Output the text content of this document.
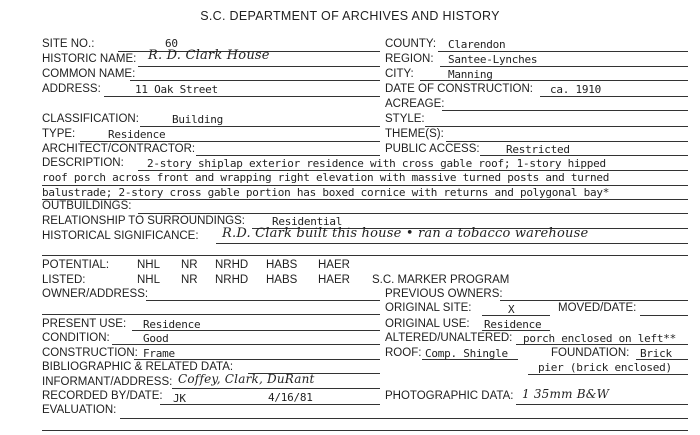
S.C. DEPARTMENT OF ARCHIVES AND HISTORY
SITE NO.:	60
HISTORIC NAME: R. D. Clark House
COMMON NAME:
ADDRESS:	11 Oak Street
COUNTY: Clarendon
REGION: Santee-Lynches
CITY:	Manning
DATE OF CONSTRUCTION: ca. 1910
ACREAGE:
CLASSIFICATION:	Building	STYLE:
TYPE:	Residence	THEME(S):
ARCHITECT/CONTRACTOR:	PUBLIC ACCESS: Restricted
DESCRIPTION: 2-story shiplap exterior residence with cross gable roof; 1-story hipped
roof porch across front and wrapping right elevation with massive turned posts and turned
balustrade; 2-story cross gable portion has boxed cornice with returns and polygonal bay*
OUTBUILDINGS:
RELATIONSHIP TO SURROUNDINGS: Residential
HISTORICAL SIGNIFICANCE: R.D. Clark built this house • ran a tobacco warehouse
POTENTIAL: NHL NR NRHD HABS HAER
LISTED:	NHL NR NRHD HABS HAER S.C. MARKER PROGRAM
OWNER/ADDRESS:	PREVIOUS OWNERS:
ORIGINAL SITE:	X	MOVED/DATE:
PRESENT USE: Residence	ORIGINAL USE: Residence
CONDITION:	Good	ALTERED/UNALTERED: porch enclosed on left**
CONSTRUCTION: Frame	ROOF: Comp. Shingle	FOUNDATION: Brick
BIBLIOGRAPHIC & RELATED DATA:	pier (brick enclosed)
INFORMANT/ADDRESS: Coffey, Clark, DuRant
RECORDED BY/DATE: JK	4/16/81	PHOTOGRAPHIC DATA: 1 35mm B&W
EVALUATION:
